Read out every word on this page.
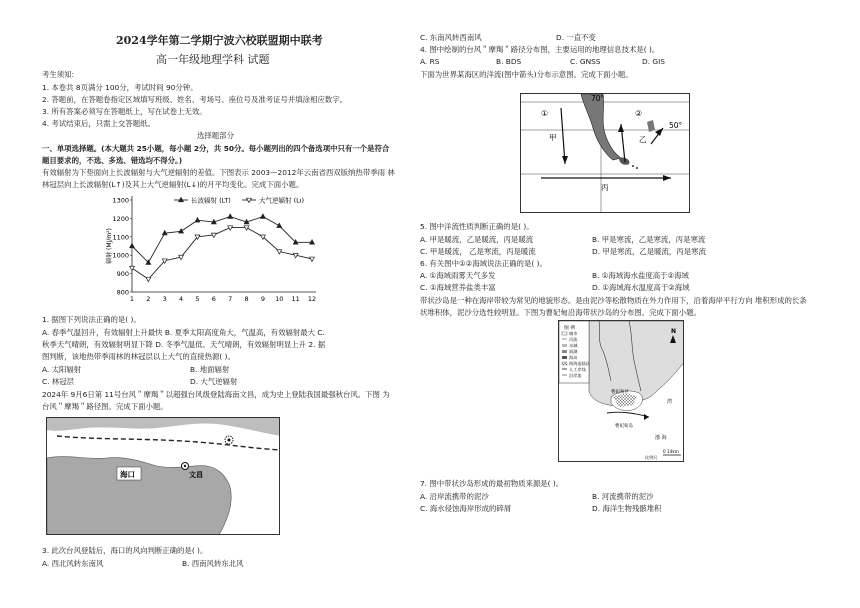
2024学年第二学期宁波六校联盟期中联考
高一年级地理学科 试题
考生须知:
1. 本卷共 8页满分 100分，考试时间 90分钟。
2. 答题前，在答题卷指定区域填写班级、姓名、考场号、座位号及准考证号并填涂相应数字。
3. 所有答案必须写在答题纸上，写在试卷上无效。
4. 考试结束后，只需上交答题纸。
选择题部分
一、单项选择题。(本大题共 25小题，每小题 2分，共 50分。每小题列出的四个备选项中只有一个是符合
题目要求的，不选、多选、错选均不得分。)
有效辐射为下垫面向上长波辐射与大气逆辐射的差值。下图表示 2003—2012年云南省西双版纳热带季雨 林
林冠层向上长波辐射(L↑)及其上大气逆辐射(L↓)的月平均变化。完成下面小题。
800
900
1000
1100
1200
1300
1 2 3 4 5 6 7 8 9 10 11 12
辐射 (MJ/m²)
长波辐射 (LT)	大气逆辐射 (Lı)
1. 据图下列说法正确的是( )。
A. 春季气温回升，有效辐射上升最快 B. 夏季太阳高度角大，气温高，有效辐射最大 C.
秋季天气晴朗，有效辐射明显下降 D. 冬季气温低、天气晴朗，有效辐射明显上升 2. 据
图判断，该地热带季雨林的林冠层以上大气的直接热源( )。
A. 太阳辐射	B. 地面辐射
C. 林冠层	D. 大气逆辐射
2024年 9月6日第 11号台风＂摩羯＂以超强台风级登陆海南文昌，成为史上登陆我国最强秋台风。下图 为
台风＂摩羯＂路径图。完成下面小题。
海口	文昌
3. 此次台风登陆后，海口的风向判断正确的是( )。
A. 西北风转东南风	B. 西南风转东北风
C. 东南风转西南风	D. 一直不变
4. 图中绘制的台风＂摩羯＂路径分布图，主要运用的地理信息技术是( )。
A. RS	B. BDS	C. GNSS	D. GIS
下面为世界某海区的洋流(图中箭头)分布示意图。完成下面小题。
70°
50°
①	②
甲	乙
丙
5. 图中洋流性质判断正确的是( )。
A. 甲是暖流，乙是暖流，丙是暖流	B. 甲是寒流，乙是寒流，丙是寒流
C. 甲是暖流， 乙是寒流，丙是暖流	D. 甲是寒流，乙是暖流，丙是寒流
6. 有关图中①②海域说法正确的是( )。
A. ①海域雨雾天气多发	B. ①海域海水盐度高于②海域
C. ①海域营养盐类丰富	D. ①海域海水温度高于②海域
带状沙岛是一种在海岸带较为常见的地貌形态。是由泥沙等松散物质在外力作用下，沿着海岸平行方向 堆积形成的长条
状堆积体，泥沙分选性较明显。下图为曹妃甸沿海带状沙岛的分布图。完成下面小题。
图 例
城市
河流
水域
潟湖
海岛
围海造陆区
人工岸线
沿岸流
曹妃甸区
曹妃甸岛
渤 海
湾
N
比例尺
0 14km
7. 图中带状沙岛形成的最初物质来源是( )。
A. 沿岸流携带的泥沙	B. 河流携带的泥沙
C. 海水侵蚀海岸形成的碎屑	D. 海洋生物残骸堆积
